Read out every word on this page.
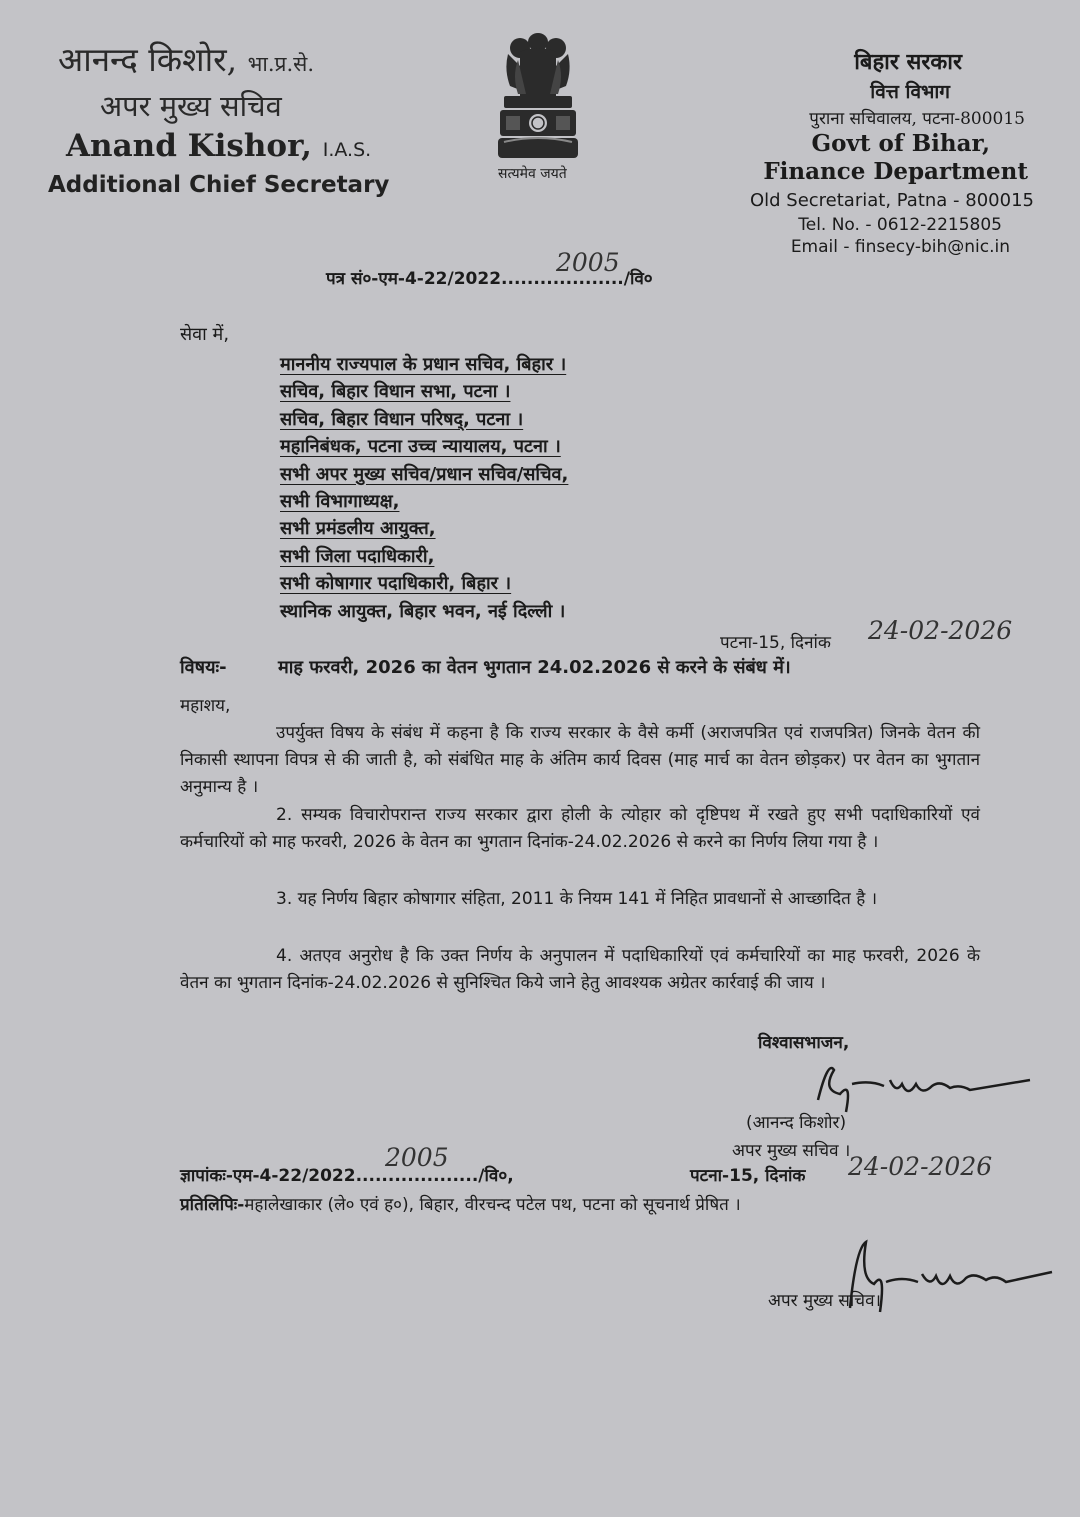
आनन्द किशोर, भा.प्र.से.
अपर मुख्य सचिव
Anand Kishor, I.A.S.
Additional Chief Secretary	सत्यमेव जयते
बिहार सरकार
वित्त विभाग
पुराना सचिवालय, पटना-800015
Govt of Bihar,
Finance Department
Old Secretariat, Patna - 800015
Tel. No. - 0612-2215805
Email - finsecy-bih@nic.in
पत्र सं०-एम-4-22/2022.................../वि०
2005
सेवा में,
माननीय राज्यपाल के प्रधान सचिव, बिहार ।
सचिव, बिहार विधान सभा, पटना ।
सचिव, बिहार विधान परिषद्, पटना ।
महानिबंधक, पटना उच्च न्यायालय, पटना ।
सभी अपर मुख्य सचिव/प्रधान सचिव/सचिव,
सभी विभागाध्यक्ष,
सभी प्रमंडलीय आयुक्त,
सभी जिला पदाधिकारी,
सभी कोषागार पदाधिकारी, बिहार ।
स्थानिक आयुक्त, बिहार भवन, नई दिल्ली ।
पटना-15, दिनांक 24-02-2026
विषयः-	माह फरवरी, 2026 का वेतन भुगतान 24.02.2026 से करने के संबंध में।
महाशय,
उपर्युक्त विषय के संबंध में कहना है कि राज्य सरकार के वैसे कर्मी (अराजपत्रित एवं राजपत्रित) जिनके वेतन की निकासी स्थापना विपत्र से की जाती है, को संबंधित माह के अंतिम कार्य दिवस (माह मार्च का वेतन छोड़कर) पर वेतन का भुगतान अनुमान्य है ।
2. सम्यक विचारोपरान्त राज्य सरकार द्वारा होली के त्योहार को दृष्टिपथ में रखते हुए सभी पदाधिकारियों एवं कर्मचारियों को माह फरवरी, 2026 के वेतन का भुगतान दिनांक-24.02.2026 से करने का निर्णय लिया गया है ।
3. यह निर्णय बिहार कोषागार संहिता, 2011 के नियम 141 में निहित प्रावधानों से आच्छादित है ।
4. अतएव अनुरोध है कि उक्त निर्णय के अनुपालन में पदाधिकारियों एवं कर्मचारियों का माह फरवरी, 2026 के वेतन का भुगतान दिनांक-24.02.2026 से सुनिश्चित किये जाने हेतु आवश्यक अग्रेतर कार्रवाई की जाय ।
विश्वासभाजन,
(आनन्द किशोर)
अपर मुख्य सचिव ।
ज्ञापांकः-एम-4-22/2022.................../वि०,
2005
पटना-15, दिनांक 24-02-2026
प्रतिलिपिः-महालेखाकार (ले० एवं ह०), बिहार, वीरचन्द पटेल पथ, पटना को सूचनार्थ प्रेषित ।
अपर मुख्य सचिव।
